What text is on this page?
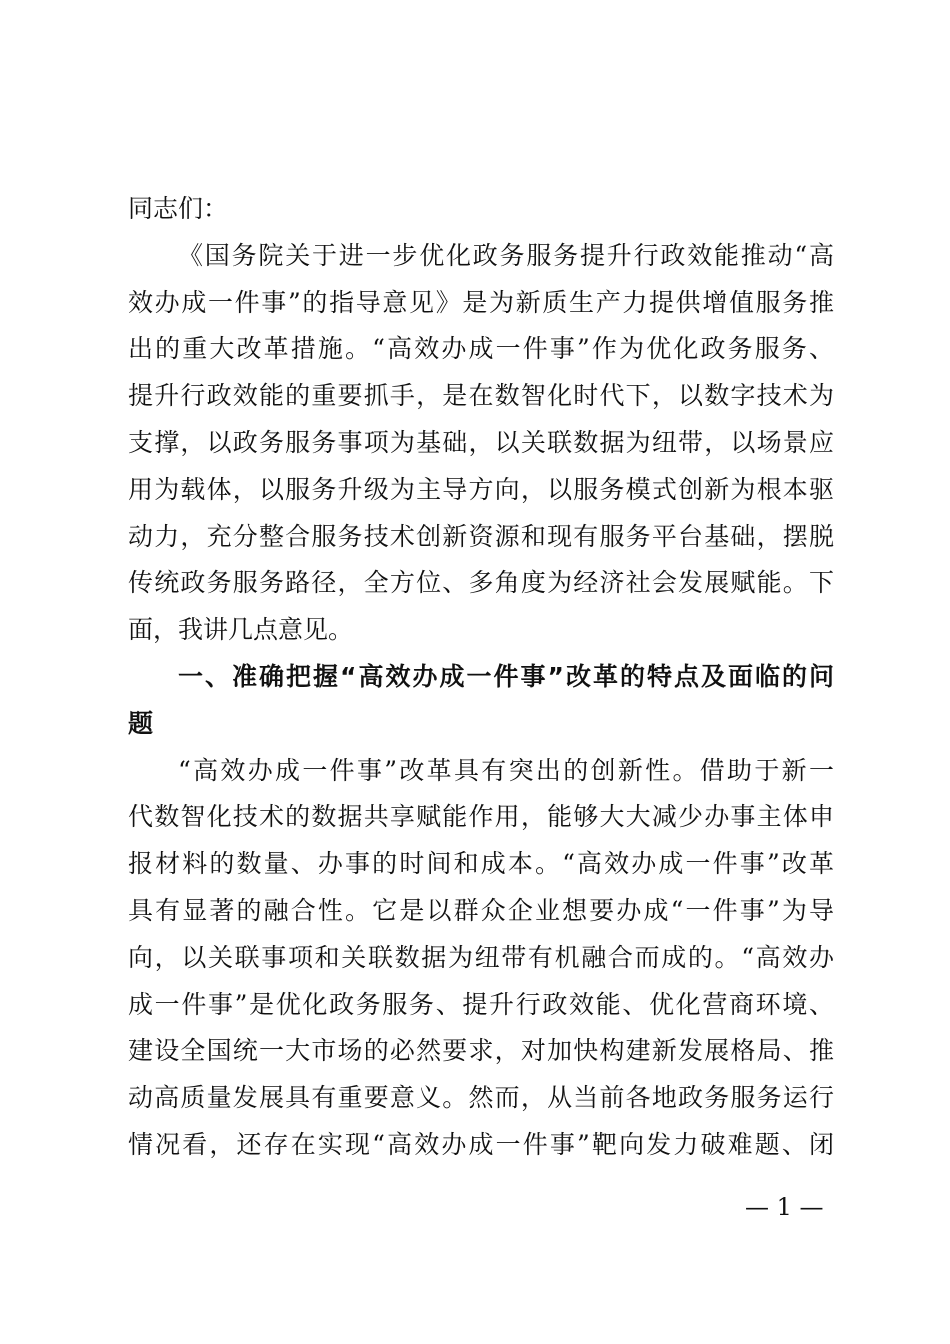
同志们：
《国务院关于进一步优化政务服务提升行政效能推动“高
效办成一件事”的指导意见》是为新质生产力提供增值服务推
出的重大改革措施。“高效办成一件事”作为优化政务服务、
提升行政效能的重要抓手，是在数智化时代下，以数字技术为
支撑，以政务服务事项为基础，以关联数据为纽带，以场景应
用为载体，以服务升级为主导方向，以服务模式创新为根本驱
动力，充分整合服务技术创新资源和现有服务平台基础，摆脱
传统政务服务路径，全方位、多角度为经济社会发展赋能。下
面，我讲几点意见。
一、准确把握“高效办成一件事”改革的特点及面临的问
题
“高效办成一件事”改革具有突出的创新性。借助于新一
代数智化技术的数据共享赋能作用，能够大大减少办事主体申
报材料的数量、办事的时间和成本。“高效办成一件事”改革
具有显著的融合性。它是以群众企业想要办成“一件事”为导
向，以关联事项和关联数据为纽带有机融合而成的。“高效办
成一件事”是优化政务服务、提升行政效能、优化营商环境、
建设全国统一大市场的必然要求，对加快构建新发展格局、推
动高质量发展具有重要意义。然而，从当前各地政务服务运行
情况看，还存在实现“高效办成一件事”靶向发力破难题、闭
— 1 —
